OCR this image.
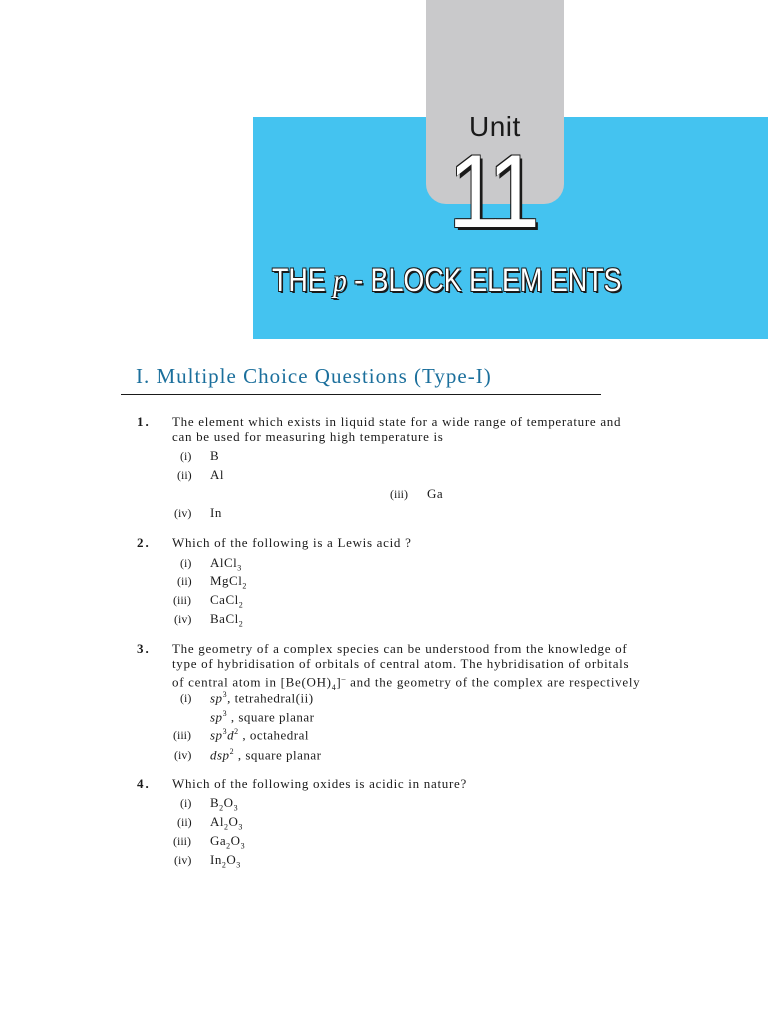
Unit
11
THE p - BLOCK ELEM ENTS
I. Multiple Choice Questions (Type-I)
1. The element which exists in liquid state for a wide range of temperature and
can be used for measuring high temperature is
(i) B
(ii) Al
(iii) Ga
(iv) In
2. Which of the following is a Lewis acid ?
(i) AlCl$_3$
(ii) MgCl$_2$
(iii) CaCl$_2$
(iv) BaCl$_2$
3. The geometry of a complex species can be understood from the knowledge of
type of hybridisation of orbitals of central atom. The hybridisation of orbitals
of central atom in $[Be(OH)_4]^-$ and the geometry of the complex are respectively
(i) $sp^3$, tetrahedral(ii)
$sp^3$ , square planar
(iii) $sp^3d^2$ , octahedral
(iv) dsp$^2$ , square planar
4. Which of the following oxides is acidic in nature?
(i) $B_2O_3$
(ii) $Al_2O_3$
(iii) $Ga_2O_3$
(iv) $In_2O_3$
